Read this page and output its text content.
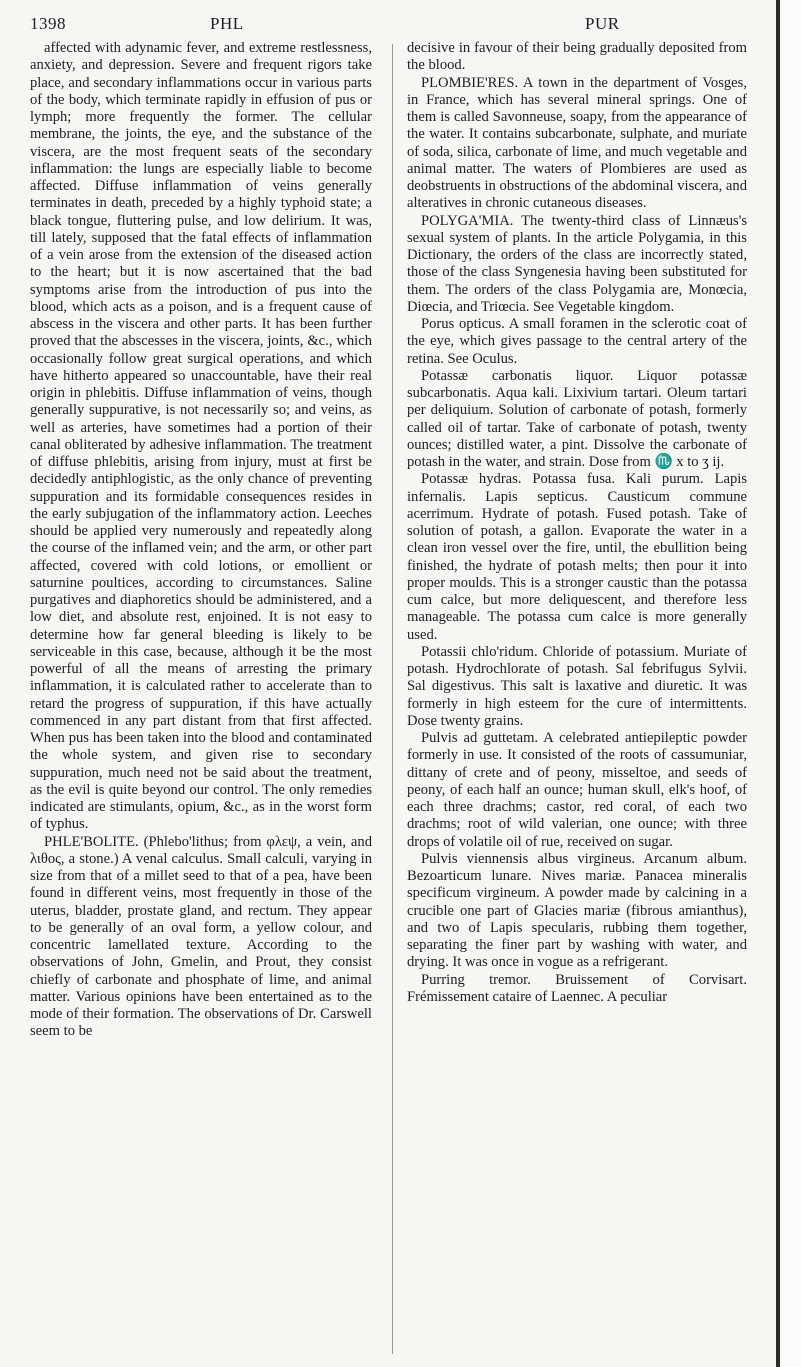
1398	PHL	PUR

affected with adynamic fever, and extreme restlessness, anxiety, and depression. Severe and frequent rigors take place, and secondary inflammations occur in various parts of the body, which terminate rapidly in effusion of pus or lymph; more frequently the former. The cellular membrane, the joints, the eye, and the substance of the viscera, are the most frequent seats of the secondary inflammation: the lungs are especially liable to become affected. Diffuse inflammation of veins generally terminates in death, preceded by a highly typhoid state; a black tongue, fluttering pulse, and low delirium. It was, till lately, supposed that the fatal effects of inflammation of a vein arose from the extension of the diseased action to the heart; but it is now ascertained that the bad symptoms arise from the introduction of pus into the blood, which acts as a poison, and is a frequent cause of abscess in the viscera and other parts. It has been further proved that the abscesses in the viscera, joints, &c., which occasionally follow great surgical operations, and which have hitherto appeared so unaccountable, have their real origin in phlebitis. Diffuse inflammation of veins, though generally suppurative, is not necessarily so; and veins, as well as arteries, have sometimes had a portion of their canal obliterated by adhesive inflammation. The treatment of diffuse phlebitis, arising from injury, must at first be decidedly antiphlogistic, as the only chance of preventing suppuration and its formidable consequences resides in the early subjugation of the inflammatory action. Leeches should be applied very numerously and repeatedly along the course of the inflamed vein; and the arm, or other part affected, covered with cold lotions, or emollient or saturnine poultices, according to circumstances. Saline purgatives and diaphoretics should be administered, and a low diet, and absolute rest, enjoined. It is not easy to determine how far general bleeding is likely to be serviceable in this case, because, although it be the most powerful of all the means of arresting the primary inflammation, it is calculated rather to accelerate than to retard the progress of suppuration, if this have actually commenced in any part distant from that first affected. When pus has been taken into the blood and contaminated the whole system, and given rise to secondary suppuration, much need not be said about the treatment, as the evil is quite beyond our control. The only remedies indicated are stimulants, opium, &c., as in the worst form of typhus.

PHLE'BOLITE. (Phlebo'lithus; from φλεψ, a vein, and λιθος, a stone.) A venal calculus. Small calculi, varying in size from that of a millet seed to that of a pea, have been found in different veins, most frequently in those of the uterus, bladder, prostate gland, and rectum. They appear to be generally of an oval form, a yellow colour, and concentric lamellated texture. According to the observations of John, Gmelin, and Prout, they consist chiefly of carbonate and phosphate of lime, and animal matter. Various opinions have been entertained as to the mode of their formation. The observations of Dr. Carswell seem to be

decisive in favour of their being gradually deposited from the blood.

PLOMBIE'RES. A town in the department of Vosges, in France, which has several mineral springs. One of them is called Savonneuse, soapy, from the appearance of the water. It contains subcarbonate, sulphate, and muriate of soda, silica, carbonate of lime, and much vegetable and animal matter. The waters of Plombieres are used as deobstruents in obstructions of the abdominal viscera, and alteratives in chronic cutaneous diseases.

POLYGA'MIA. The twenty-third class of Linnæus's sexual system of plants. In the article Polygamia, in this Dictionary, the orders of the class are incorrectly stated, those of the class Syngenesia having been substituted for them. The orders of the class Polygamia are, Monœcia, Diœcia, and Triœcia. See Vegetable kingdom.

Porus opticus. A small foramen in the sclerotic coat of the eye, which gives passage to the central artery of the retina. See Oculus.

Potassæ carbonatis liquor. Liquor potassæ subcarbonatis. Aqua kali. Lixivium tartari. Oleum tartari per deliquium. Solution of carbonate of potash, formerly called oil of tartar. Take of carbonate of potash, twenty ounces; distilled water, a pint. Dissolve the carbonate of potash in the water, and strain. Dose from ♏ x to ʒ ij.

Potassæ hydras. Potassa fusa. Kali purum. Lapis infernalis. Lapis septicus. Causticum commune acerrimum. Hydrate of potash. Fused potash. Take of solution of potash, a gallon. Evaporate the water in a clean iron vessel over the fire, until, the ebullition being finished, the hydrate of potash melts; then pour it into proper moulds. This is a stronger caustic than the potassa cum calce, but more deliquescent, and therefore less manageable. The potassa cum calce is more generally used.

Potassii chlo'ridum. Chloride of potassium. Muriate of potash. Hydrochlorate of potash. Sal febrifugus Sylvii. Sal digestivus. This salt is laxative and diuretic. It was formerly in high esteem for the cure of intermittents. Dose twenty grains.

Pulvis ad guttetam. A celebrated antiepileptic powder formerly in use. It consisted of the roots of cassumuniar, dittany of crete and of peony, misseltoe, and seeds of peony, of each half an ounce; human skull, elk's hoof, of each three drachms; castor, red coral, of each two drachms; root of wild valerian, one ounce; with three drops of volatile oil of rue, received on sugar.

Pulvis viennensis albus virgineus. Arcanum album. Bezoarticum lunare. Nives mariæ. Panacea mineralis specificum virgineum. A powder made by calcining in a crucible one part of Glacies mariæ (fibrous amianthus), and two of Lapis specularis, rubbing them together, separating the finer part by washing with water, and drying. It was once in vogue as a refrigerant.

Purring tremor. Bruissement of Corvisart. Frémissement cataire of Laennec. A peculiar
